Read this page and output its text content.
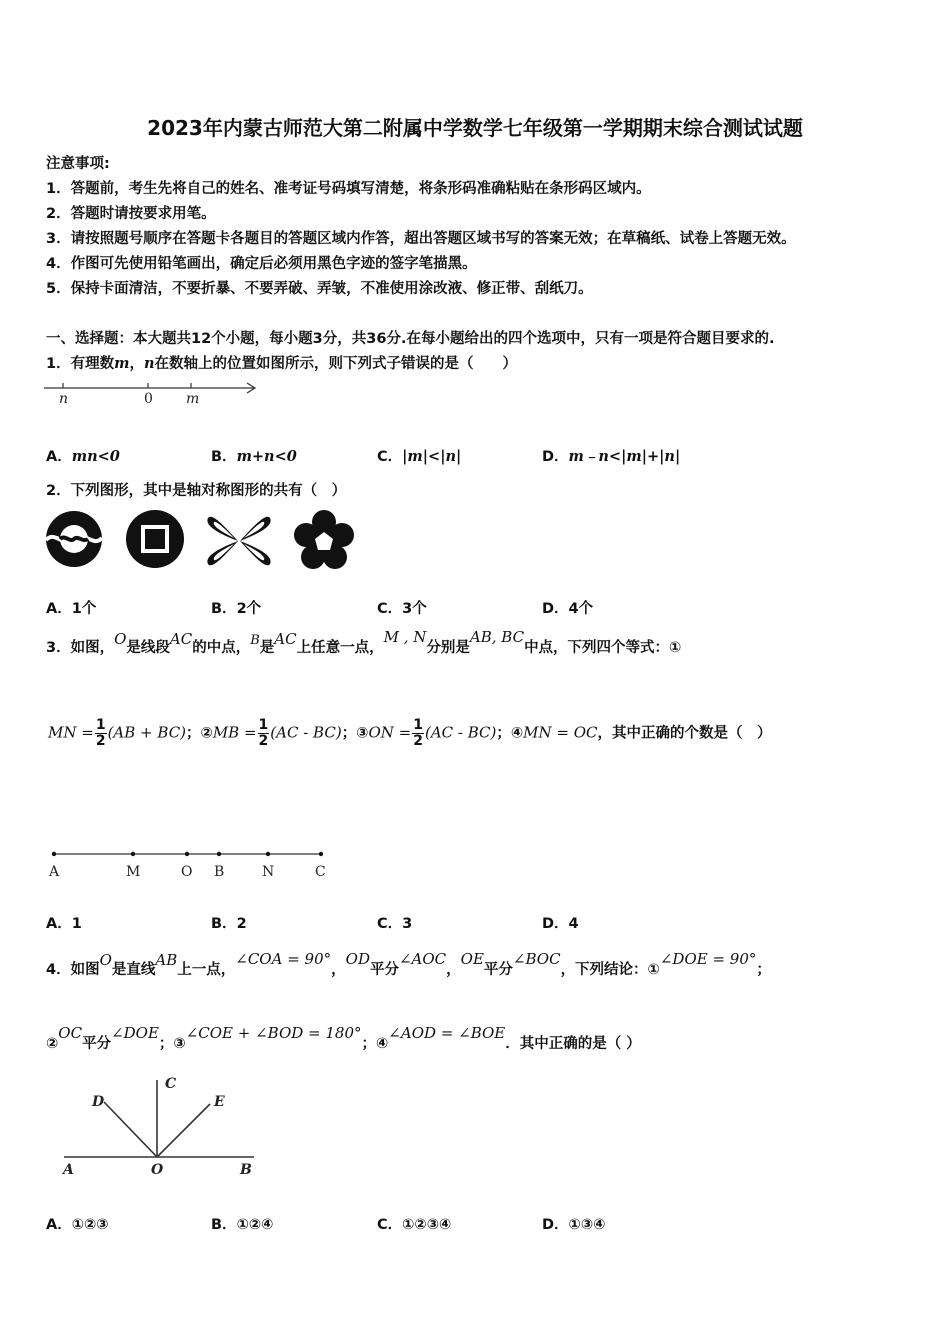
2023年内蒙古师范大第二附属中学数学七年级第一学期期末综合测试试题
注意事项:
1．答题前，考生先将自己的姓名、准考证号码填写清楚，将条形码准确粘贴在条形码区域内。
2．答题时请按要求用笔。
3．请按照题号顺序在答题卡各题目的答题区域内作答，超出答题区域书写的答案无效；在草稿纸、试卷上答题无效。
4．作图可先使用铅笔画出，确定后必须用黑色字迹的签字笔描黑。
5．保持卡面清洁，不要折暴、不要弄破、弄皱，不准使用涂改液、修正带、刮纸刀。
一、选择题：本大题共12个小题，每小题3分，共36分.在每小题给出的四个选项中，只有一项是符合题目要求的.
1．有理数m，n在数轴上的位置如图所示，则下列式子错误的是（　　）
n	0 m
A．mn<0	B．m+n<0	C．|m|<|n|	D．m﹣n<|m|+|n|
2．下列图形，其中是轴对称图形的共有（　）
A．1个	B．2个	C．3个	D．4个
3．如图，O是线段AC的中点，B是AC上任意一点，M , N分别是AB, BC中点，下列四个等式：①
MN = $\frac{1}{2} (AB + BC)$；②MB = $\frac{1}{2} (AC - BC)$；③ON = $\frac{1}{2} (AC - BC)$；④MN = OC，其中正确的个数是（　）
A	M	O B	N	C
A．1	B．2	C．3	D．4
4．如图O是直线AB上一点，∠COA = 90°，OD平分∠AOC，OE平分∠BOC，下列结论：①∠DOE = 90°；
②OC平分∠DOE；③∠COE + ∠BOD = 180°；④∠AOD = ∠BOE．其中正确的是（ ）
D
C
E
A	O	B
A．①②③	B．①②④	C．①②③④	D．①③④
